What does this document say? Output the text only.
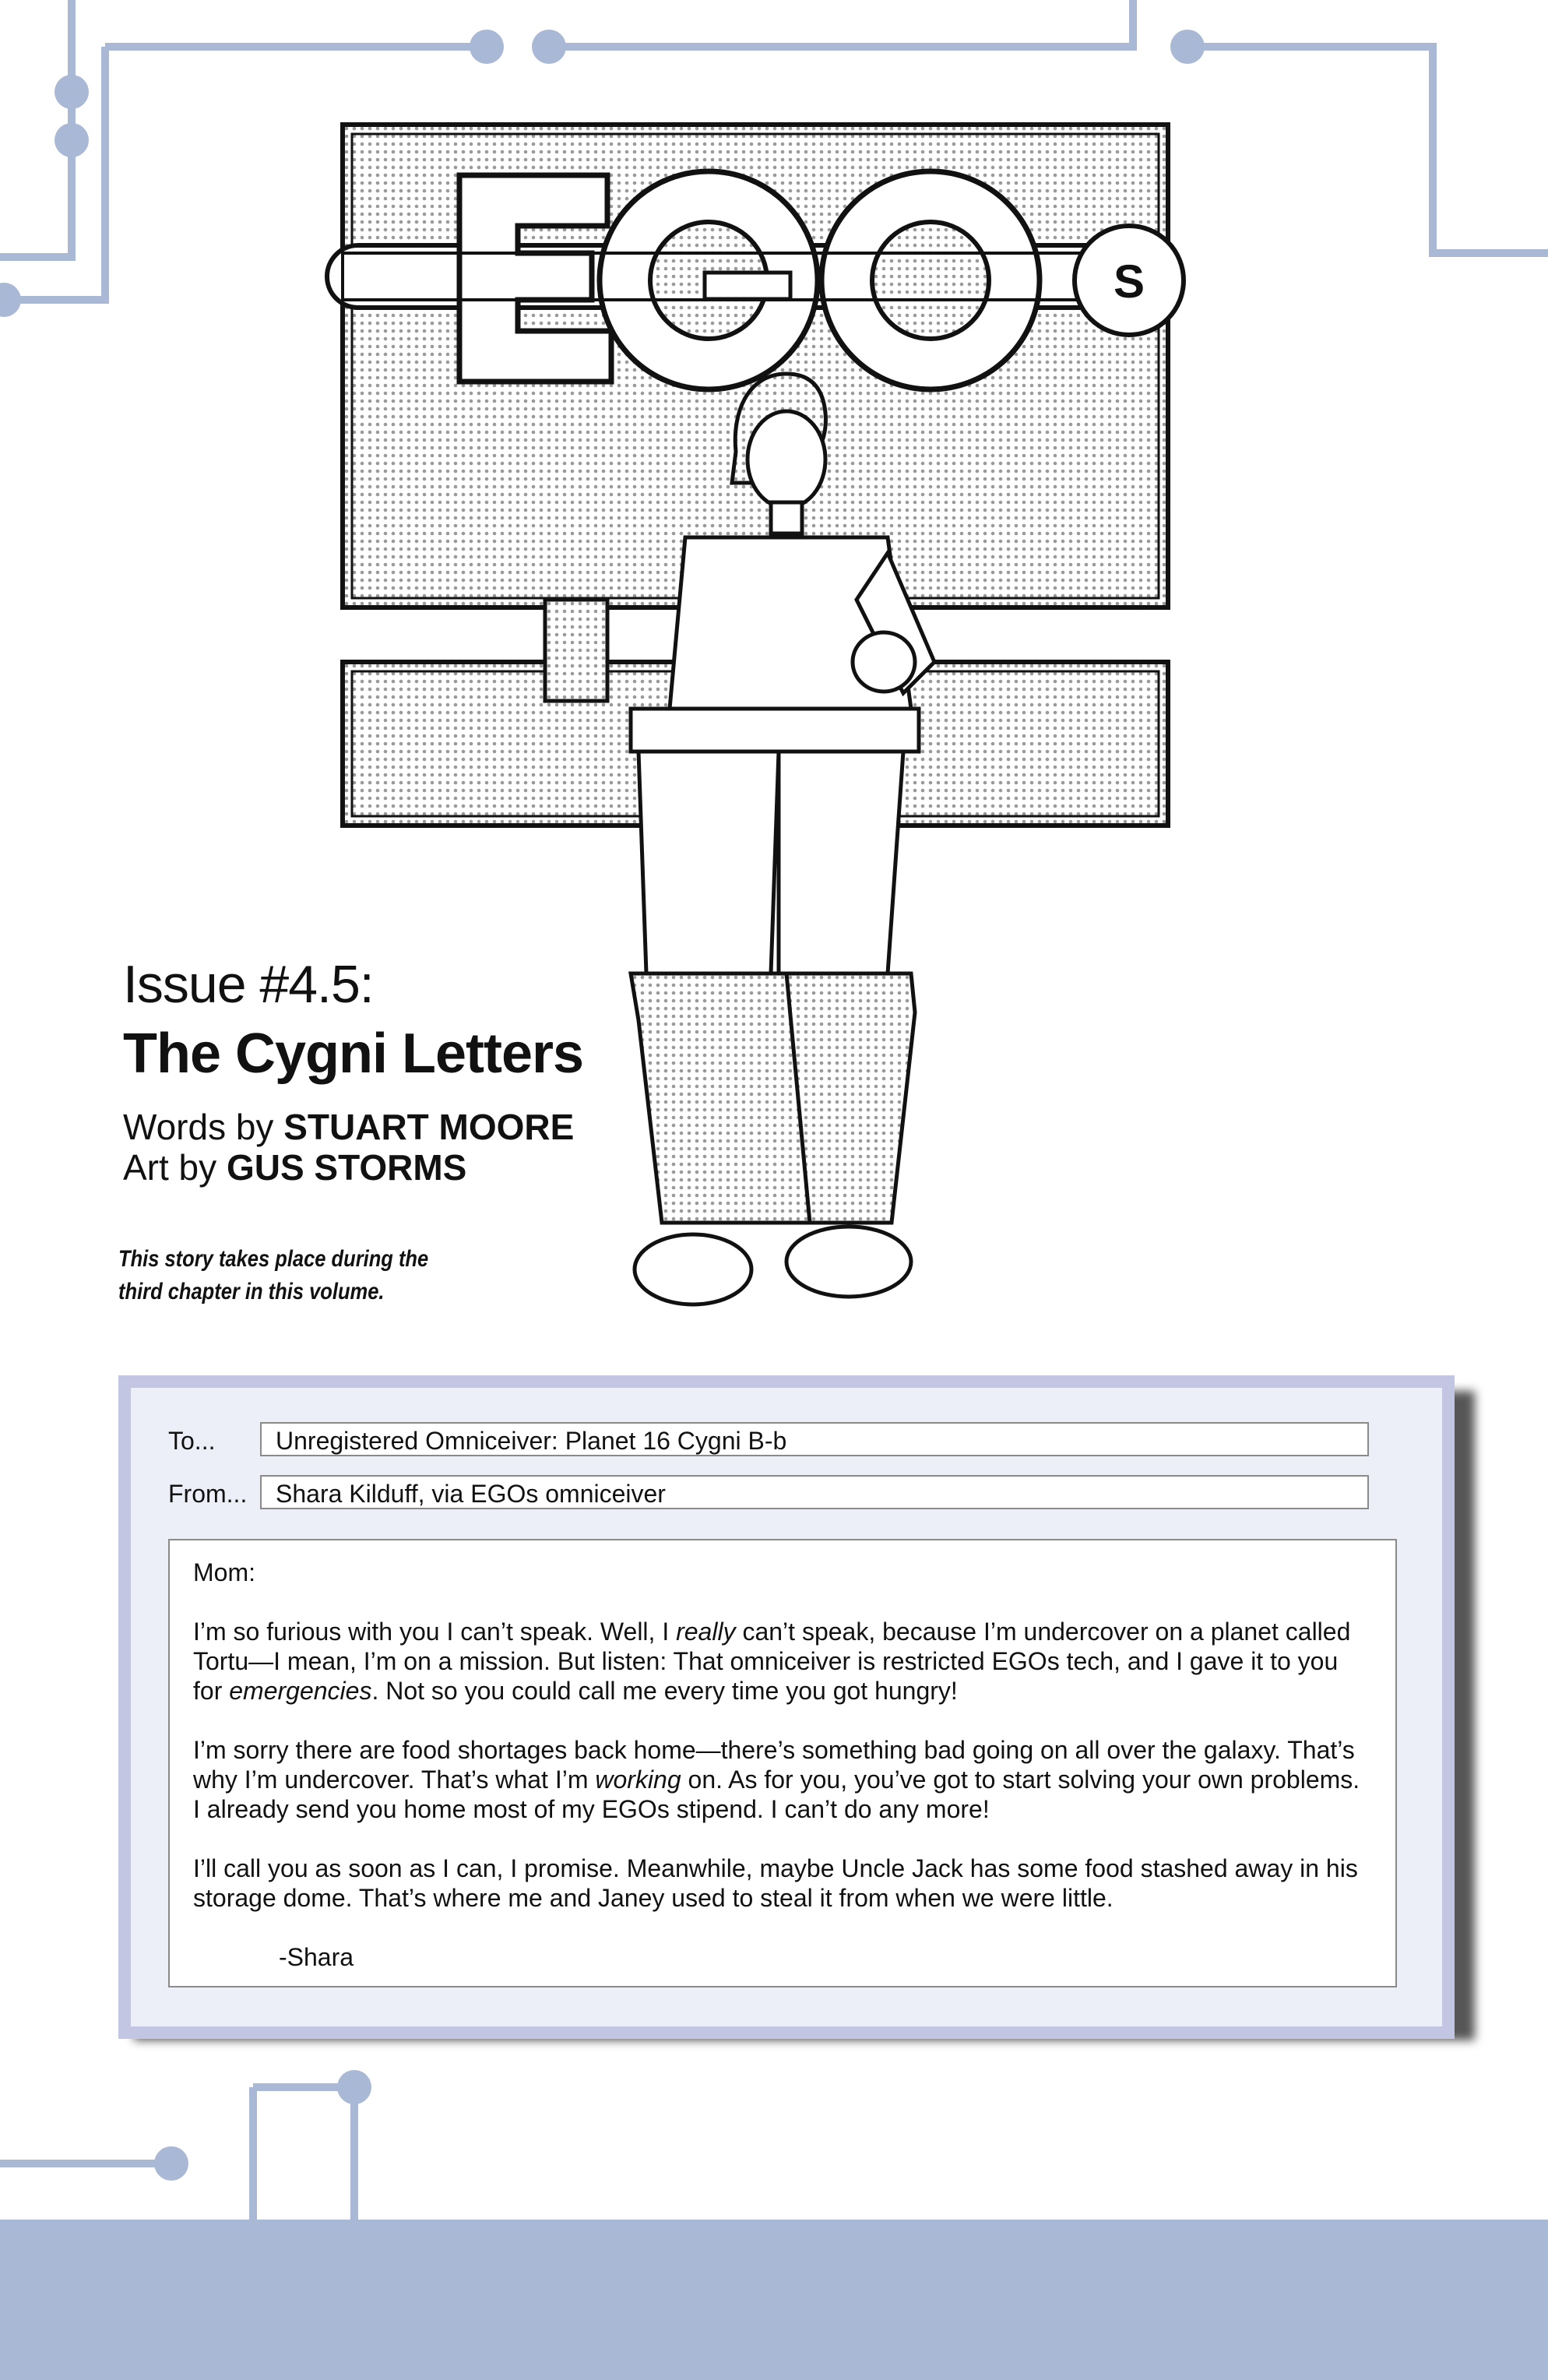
S
Issue #4.5:
The Cygni Letters
Words by STUART MOORE
Art by GUS STORMS
This story takes place during the
third chapter in this volume.
To...	Unregistered Omniceiver: Planet 16 Cygni B-b
From...	Shara Kilduff, via EGOs omniceiver

Mom:

I’m so furious with you I can’t speak. Well, I really can’t speak, because I’m undercover on a planet called Tortu—I mean, I’m on a mission. But listen: That omniceiver is restricted EGOs tech, and I gave it to you for emergencies. Not so you could call me every time you got hungry!

I’m sorry there are food shortages back home—there’s something bad going on all over the galaxy. That’s why I’m undercover. That’s what I’m working on. As for you, you’ve got to start solving your own problems. I already send you home most of my EGOs stipend. I can’t do any more!

I’ll call you as soon as I can, I promise. Meanwhile, maybe Uncle Jack has some food stashed away in his storage dome. That’s where me and Janey used to steal it from when we were little.

-Shara
